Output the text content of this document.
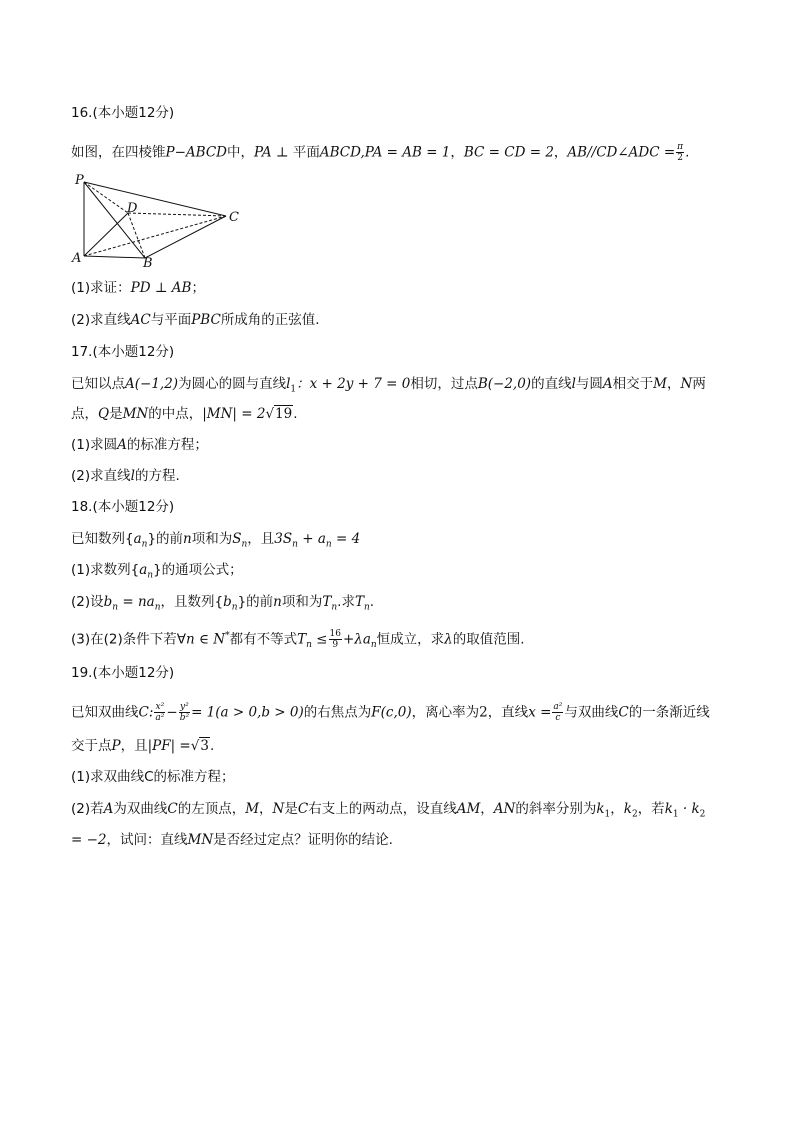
16.(本小题12分)
如图，在四棱锥P−ABCD中，PA ⊥ 平面ABCD,PA = AB = 1，BC = CD = 2，AB//CD∠ADC = $\frac{\pi}{2}$ .
P
D
C
A	B
(1)求证：PD ⊥ AB；
(2)求直线AC与平面PBC所成角的正弦值.
17.(本小题12分)
已知以点A(−1,2)为圆心的圆与直线$l_1$：x + 2y + 7 = 0相切，过点B(−2,0)的直线l与圆A相交于M，N两
点，Q是MN的中点，|MN| = 2√19.
(1)求圆A的标准方程；
(2)求直线l的方程.
18.(本小题12分)
已知数列$\{a_n\}$的前n项和为$S_n$，且$3S_n + a_n = 4$
(1)求数列$\{a_n\}$的通项公式；
(2)设$b_n = na_n$，且数列$\{b_n\}$的前n项和为$T_n$.求$T_n$.
(3)在(2)条件下若∀n ∈ N*都有不等式$T_n \le \frac{16}{9} +\lambda a_n$恒成立，求λ的取值范围.
19.(本小题12分)
已知双曲线C: $\frac{\text{x²}}{\text{a²}} - \frac{\text{y²}}{\text{b²}} = 1(a > 0,b > 0)$的右焦点为F(c,0)，离心率为2，直线$x = \frac{\text{a²}}{c}$ 与双曲线C的一条渐近线
交于点P，且|PF| =√3.
(1)求双曲线C的标准方程；
(2)若A为双曲线C的左顶点，M，N是C右支上的两动点，设直线AM，AN的斜率分别为$k_1$，$k_2$，若$k_1 \cdot k_2$
= −2，试问：直线MN是否经过定点？证明你的结论.
